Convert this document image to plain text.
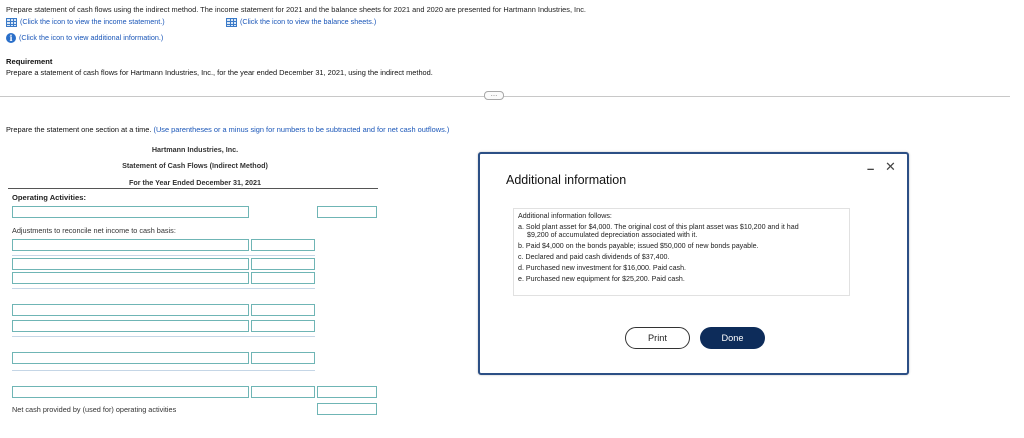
Prepare statement of cash flows using the indirect method. The income statement for 2021 and the balance sheets for 2021 and 2020 are presented for Hartmann Industries, Inc.
(Click the icon to view the income statement.)	(Click the icon to view the balance sheets.)
i (Click the icon to view additional information.)
Requirement
Prepare a statement of cash flows for Hartmann Industries, Inc., for the year ended December 31, 2021, using the indirect method.
…
Prepare the statement one section at a time. (Use parentheses or a minus sign for numbers to be subtracted and for net cash outflows.)
Hartmann Industries, Inc.
Statement of Cash Flows (Indirect Method)
For the Year Ended December 31, 2021
Operating Activities:
Adjustments to reconcile net income to cash basis:
Net cash provided by (used for) operating activities
Additional information
– ✕
Additional information follows:
a. Sold plant asset for $4,000. The original cost of this plant asset was $10,200 and it had
$9,200 of accumulated depreciation associated with it.
b. Paid $4,000 on the bonds payable; issued $50,000 of new bonds payable.
c. Declared and paid cash dividends of $37,400.
d. Purchased new investment for $16,000. Paid cash.
e. Purchased new equipment for $25,200. Paid cash.
Print	Done
